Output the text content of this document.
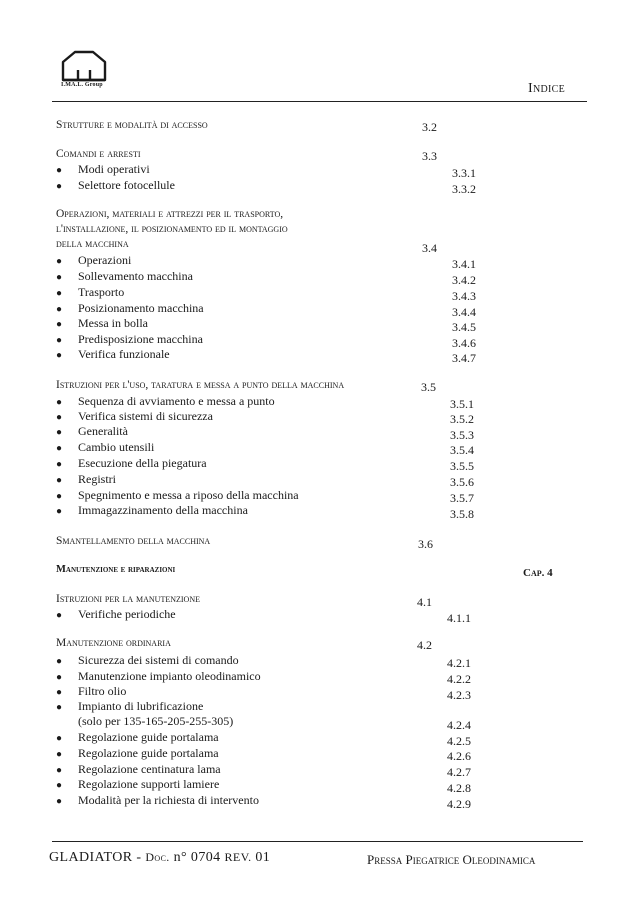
I.MA.L. Group	Indice
Strutture e modalità di accesso	3.2
Comandi e arresti	3.3
● Modi operativi	3.3.1
● Selettore fotocellule	3.3.2
Operazioni, materiali e attrezzi per il trasporto,
l'installazione, il posizionamento ed il montaggio
della macchina	3.4
● Operazioni	3.4.1
● Sollevamento macchina	3.4.2
● Trasporto	3.4.3
● Posizionamento macchina	3.4.4
● Messa in bolla	3.4.5
● Predisposizione macchina	3.4.6
● Verifica funzionale	3.4.7
Istruzioni per l'uso, taratura e messa a punto della macchina	3.5
● Sequenza di avviamento e messa a punto	3.5.1
● Verifica sistemi di sicurezza	3.5.2
● Generalità	3.5.3
● Cambio utensili	3.5.4
● Esecuzione della piegatura	3.5.5
● Registri	3.5.6
● Spegnimento e messa a riposo della macchina	3.5.7
● Immagazzinamento della macchina	3.5.8
Smantellamento della macchina	3.6
Manutenzione e riparazioni	Cap. 4
Istruzioni per la manutenzione	4.1
● Verifiche periodiche	4.1.1
Manutenzione ordinaria	4.2
● Sicurezza dei sistemi di comando	4.2.1
● Manutenzione impianto oleodinamico	4.2.2
● Filtro olio	4.2.3
● Impianto di lubrificazione
(solo per 135-165-205-255-305)	4.2.4
● Regolazione guide portalama	4.2.5
● Regolazione guide portalama	4.2.6
● Regolazione centinatura lama	4.2.7
● Regolazione supporti lamiere	4.2.8
● Modalità per la richiesta di intervento	4.2.9
GLADIATOR - Doc. n° 0704 REV. 01	Pressa Piegatrice Oleodinamica
